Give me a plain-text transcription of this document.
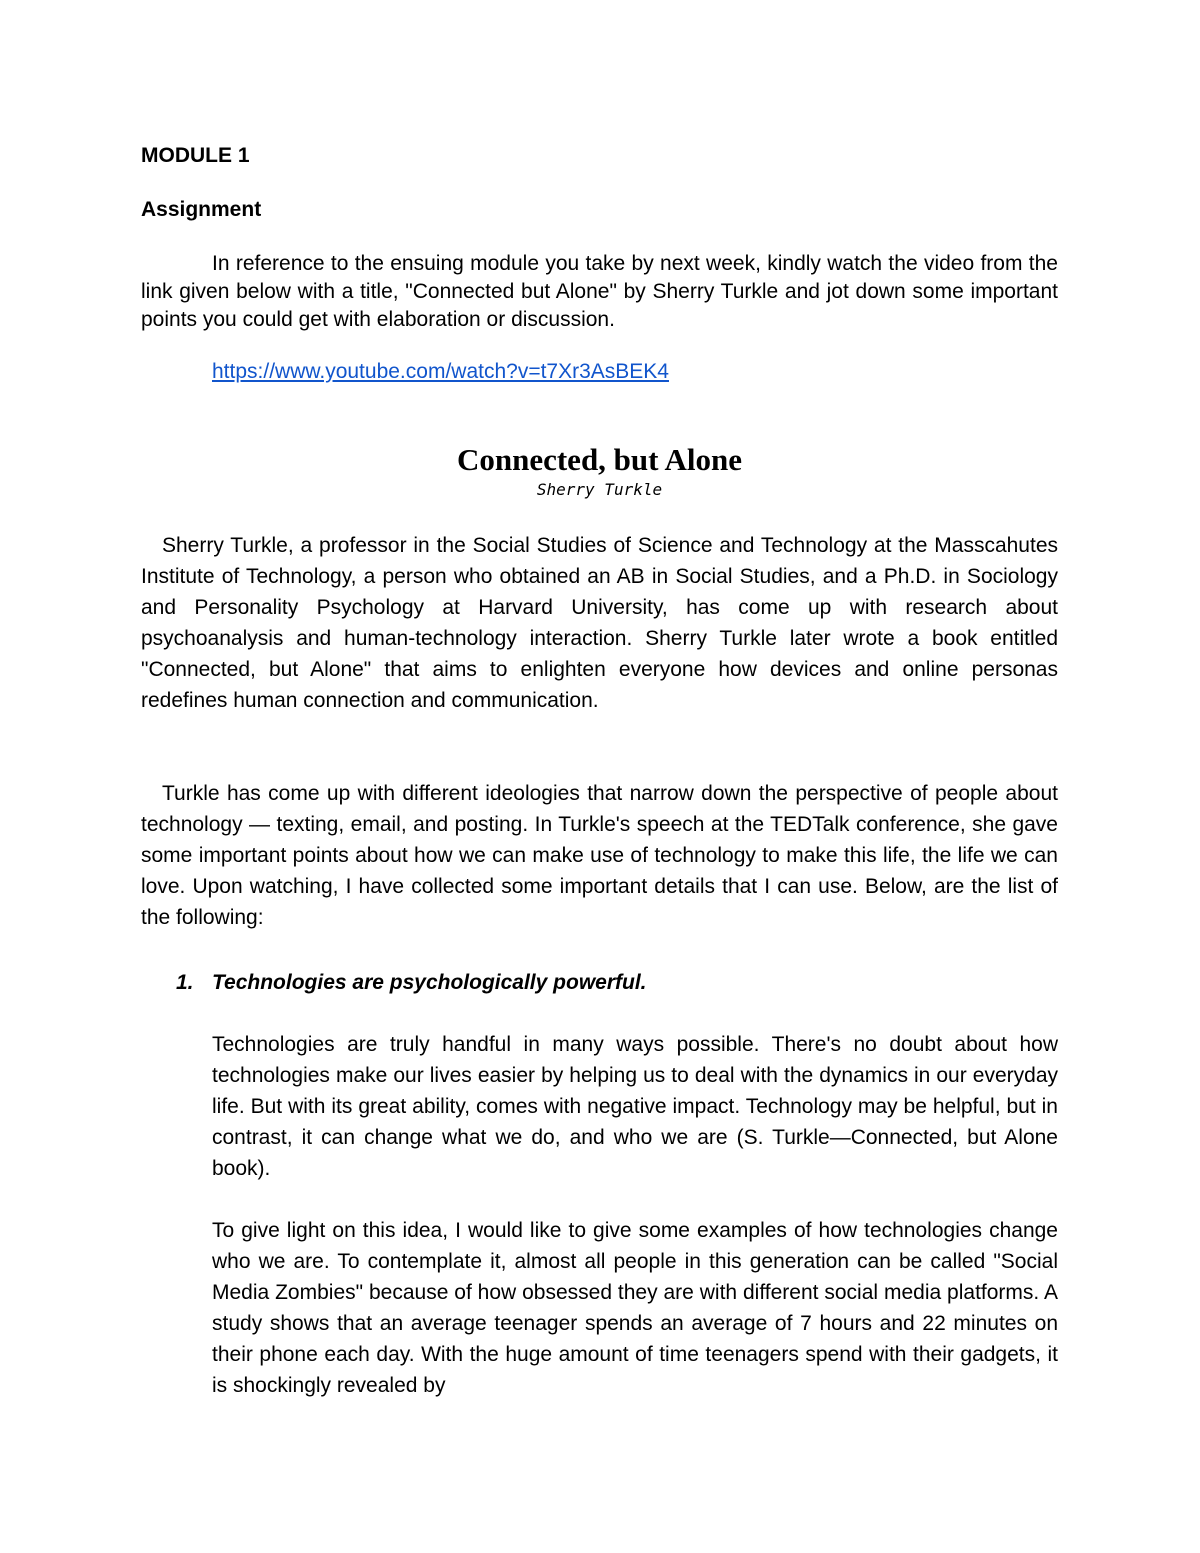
MODULE 1

Assignment

In reference to the ensuing module you take by next week, kindly watch the video from the link given below with a title, "Connected but Alone" by Sherry Turkle and jot down some important points you could get with elaboration or discussion.

https://www.youtube.com/watch?v=t7Xr3AsBEK4
Connected, but Alone

Sherry Turkle

Sherry Turkle, a professor in the Social Studies of Science and Technology at the Masscahutes Institute of Technology, a person who obtained an AB in Social Studies, and a Ph.D. in Sociology and Personality Psychology at Harvard University, has come up with research about psychoanalysis and human-technology interaction. Sherry Turkle later wrote a book entitled "Connected, but Alone" that aims to enlighten everyone how devices and online personas redefines human connection and communication.

Turkle has come up with different ideologies that narrow down the perspective of people about technology — texting, email, and posting. In Turkle's speech at the TEDTalk conference, she gave some important points about how we can make use of technology to make this life, the life we can love. Upon watching, I have collected some important details that I can use. Below, are the list of the following:

1. Technologies are psychologically powerful.

Technologies are truly handful in many ways possible. There's no doubt about how technologies make our lives easier by helping us to deal with the dynamics in our everyday life. But with its great ability, comes with negative impact. Technology may be helpful, but in contrast, it can change what we do, and who we are (S. Turkle—Connected, but Alone book).

To give light on this idea, I would like to give some examples of how technologies change who we are. To contemplate it, almost all people in this generation can be called "Social Media Zombies" because of how obsessed they are with different social media platforms. A study shows that an average teenager spends an average of 7 hours and 22 minutes on their phone each day. With the huge amount of time teenagers spend with their gadgets, it is shockingly revealed by
